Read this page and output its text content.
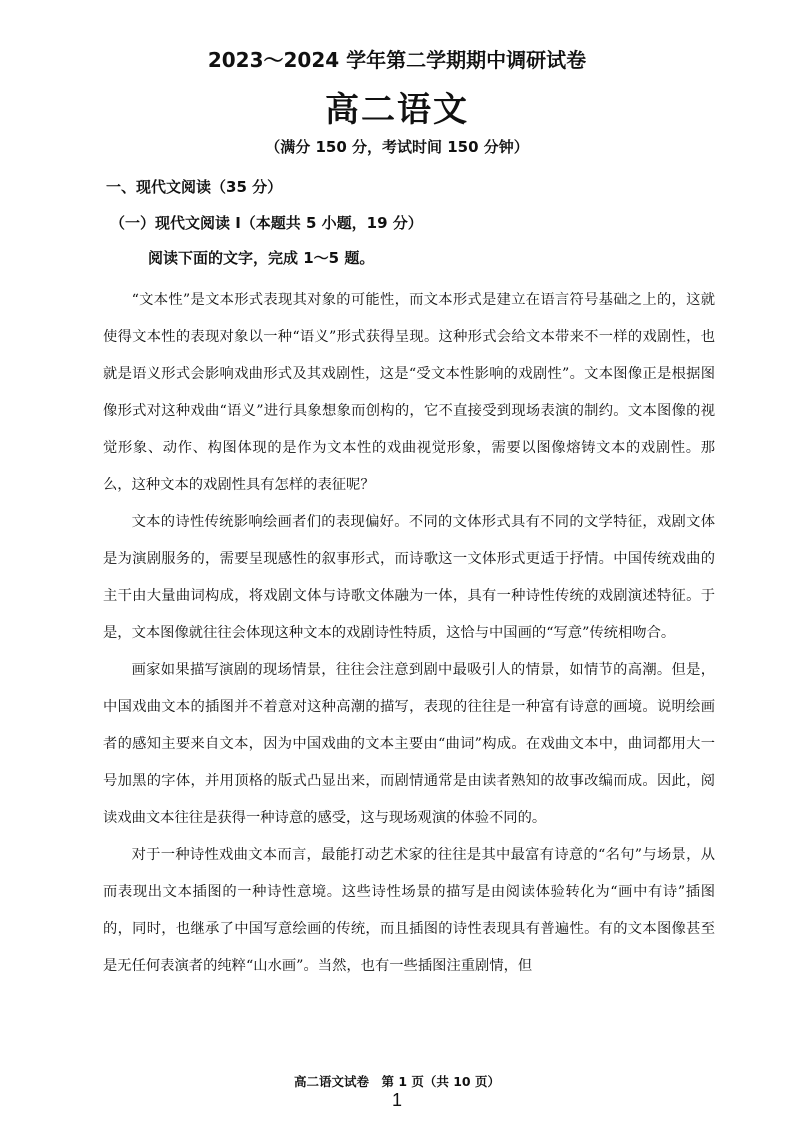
2023～2024 学年第二学期期中调研试卷
高二语文
（满分 150 分，考试时间 150 分钟）
一、现代文阅读（35 分）
（一）现代文阅读 I（本题共 5 小题，19 分）
阅读下面的文字，完成 1～5 题。

“文本性”是文本形式表现其对象的可能性，而文本形式是建立在语言符号基础之上的，这就使得文本性的表现对象以一种“语义”形式获得呈现。这种形式会给文本带来不一样的戏剧性，也就是语义形式会影响戏曲形式及其戏剧性，这是“受文本性影响的戏剧性”。文本图像正是根据图像形式对这种戏曲“语义”进行具象想象而创构的，它不直接受到现场表演的制约。文本图像的视觉形象、动作、构图体现的是作为文本性的戏曲视觉形象，需要以图像熔铸文本的戏剧性。那么，这种文本的戏剧性具有怎样的表征呢？

文本的诗性传统影响绘画者们的表现偏好。不同的文体形式具有不同的文学特征，戏剧文体是为演剧服务的，需要呈现感性的叙事形式，而诗歌这一文体形式更适于抒情。中国传统戏曲的主干由大量曲词构成，将戏剧文体与诗歌文体融为一体，具有一种诗性传统的戏剧演述特征。于是，文本图像就往往会体现这种文本的戏剧诗性特质，这恰与中国画的“写意”传统相吻合。

画家如果描写演剧的现场情景，往往会注意到剧中最吸引人的情景，如情节的高潮。但是，中国戏曲文本的插图并不着意对这种高潮的描写，表现的往往是一种富有诗意的画境。说明绘画者的感知主要来自文本，因为中国戏曲的文本主要由“曲词”构成。在戏曲文本中，曲词都用大一号加黑的字体，并用顶格的版式凸显出来，而剧情通常是由读者熟知的故事改编而成。因此，阅读戏曲文本往往是获得一种诗意的感受，这与现场观演的体验不同的。

对于一种诗性戏曲文本而言，最能打动艺术家的往往是其中最富有诗意的“名句”与场景，从而表现出文本插图的一种诗性意境。这些诗性场景的描写是由阅读体验转化为“画中有诗”插图的，同时，也继承了中国写意绘画的传统，而且插图的诗性表现具有普遍性。有的文本图像甚至是无任何表演者的纯粹“山水画”。当然，也有一些插图注重剧情，但

高二语文试卷　第 1 页（共 10 页）
1
